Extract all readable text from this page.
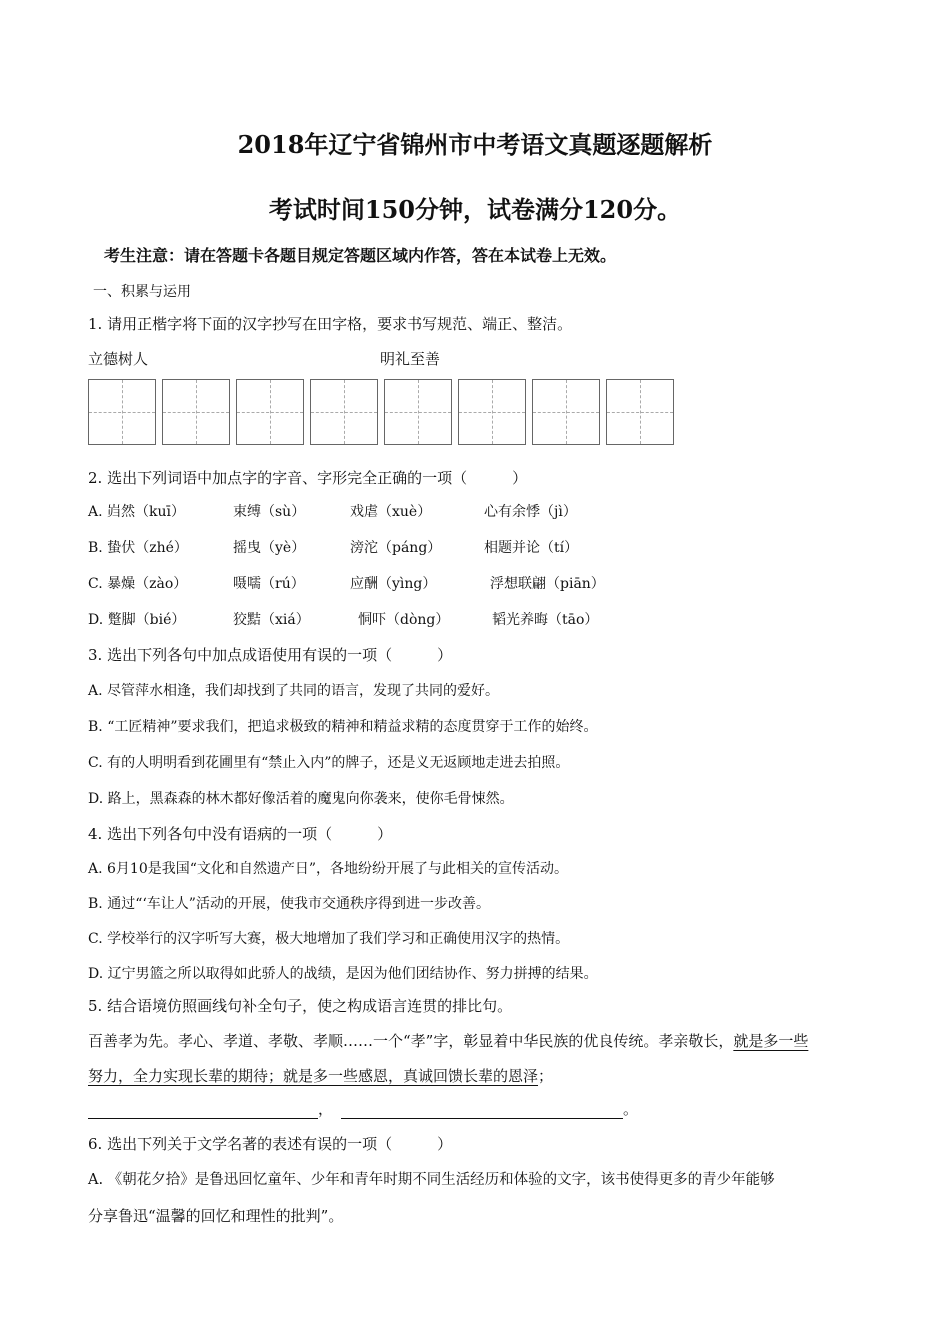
2018年辽宁省锦州市中考语文真题逐题解析
考试时间150分钟，试卷满分120分。
考生注意：请在答题卡各题目规定答题区域内作答，答在本试卷上无效。
一、积累与运用
1. 请用正楷字将下面的汉字抄写在田字格，要求书写规范、端正、整洁。
立德树人	明礼至善
2. 选出下列词语中加点字的字音、字形完全正确的一项（　　　）
A. 岿然（kuī）	束缚（sù）	戏虐（xuè）	心有余悸（jì）
B. 蛰伏（zhé）	摇曳（yè）	滂沱（páng）	相题并论（tí）
C. 暴燥（zào）	嗫嚅（rú）	应酬（yìng）	浮想联翩（piān）
D. 蹩脚（bié）	狡黠（xiá）	恫吓（dòng）	韬光养晦（tāo）
3. 选出下列各句中加点成语使用有误的一项（　　　）
A. 尽管萍水相逢，我们却找到了共同的语言，发现了共同的爱好。
B. “工匠精神”要求我们，把追求极致的精神和精益求精的态度贯穿于工作的始终。
C. 有的人明明看到花圃里有“禁止入内”的牌子，还是义无返顾地走进去拍照。
D. 路上，黑森森的林木都好像活着的魔鬼向你袭来，使你毛骨悚然。
4. 选出下列各句中没有语病的一项（　　　）
A. 6月10是我国“文化和自然遗产日”，各地纷纷开展了与此相关的宣传活动。
B. 通过“‘车让人”活动的开展，使我市交通秩序得到进一步改善。
C. 学校举行的汉字听写大赛，极大地增加了我们学习和正确使用汉字的热情。
D. 辽宁男篮之所以取得如此骄人的战绩，是因为他们团结协作、努力拼搏的结果。
5. 结合语境仿照画线句补全句子，使之构成语言连贯的排比句。
百善孝为先。孝心、孝道、孝敬、孝顺……一个“孝”字，彰显着中华民族的优良传统。孝亲敬长，就是多一些
努力，全力实现长辈的期待；就是多一些感恩，真诚回馈长辈的恩泽；
，	。
6. 选出下列关于文学名著的表述有误的一项（　　　）
A. 《朝花夕拾》是鲁迅回忆童年、少年和青年时期不同生活经历和体验的文字，该书使得更多的青少年能够
分享鲁迅“温馨的回忆和理性的批判”。
